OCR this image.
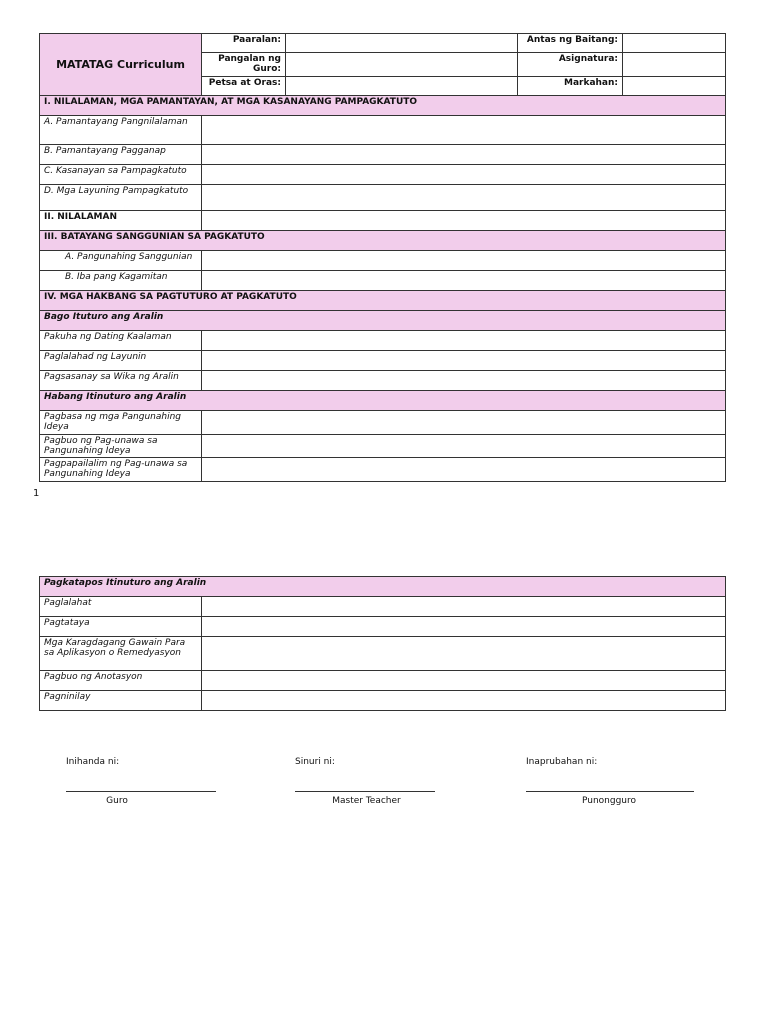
MATATAG Curriculum	Paaralan:		Antas ng Baitang:	
	Pangalan ng Guro:		Asignatura:	
	Petsa at Oras:		Markahan:	
I. NILALAMAN, MGA PAMANTAYAN, AT MGA KASANAYANG PAMPAGKATUTO				
A. Pamantayang Pangnilalaman				
B. Pamantayang Pagganap				
C. Kasanayan sa Pampagkatuto				
D. Mga Layuning Pampagkatuto				
II. NILALAMAN				
III. BATAYANG SANGGUNIAN SA PAGKATUTO				
A. Pangunahing Sanggunian				
B. Iba pang Kagamitan				
IV. MGA HAKBANG SA PAGTUTURO AT PAGKATUTO				
Bago Ituturo ang Aralin				
Pakuha ng Dating Kaalaman				
Paglalahad ng Layunin				
Pagsasanay sa Wika ng Aralin				
Habang Itinuturo ang Aralin				
Pagbasa ng mga Pangunahing Ideya				
Pagbuo ng Pag-unawa sa Pangunahing Ideya				
Pagpapailalim ng Pag-unawa sa Pangunahing Ideya				
1
Pagkatapos Itinuturo ang Aralin	
Paglalahat	
Pagtataya	
Mga Karagdagang Gawain Para sa Aplikasyon o Remedyasyon	
Pagbuo ng Anotasyon	
Pagninilay	
Inihanda ni:
Guro
Sinuri ni:
Master Teacher
Inaprubahan ni:
Punongguro
